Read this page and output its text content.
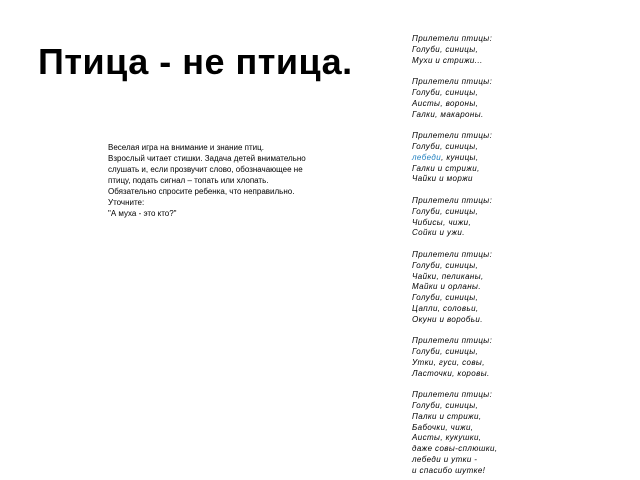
Птица - не птица.
Веселая игра на внимание и знание птиц.
Взрослый читает стишки. Задача детей внимательно
слушать и, если прозвучит слово, обозначающее не
птицу, подать сигнал – топать или хлопать.
Обязательно спросите ребенка, что неправильно.
Уточните:
"А муха - это кто?"
Прилетели птицы:
Голуби, синицы,
Мухи и стрижи...
Прилетели птицы:
Голуби, синицы,
Аисты, вороны,
Галки, макароны.
Прилетели птицы:
Голуби, синицы,
лебеди, куницы,
Галки и стрижи,
Чайки и моржи
Прилетели птицы:
Голуби, синицы,
Чибисы, чижи,
Сойки и ужи.
Прилетели птицы:
Голуби, синицы,
Чайки, пеликаны,
Майки и орланы.
Голуби, синицы,
Цапли, соловьи,
Окуни и воробьи.
Прилетели птицы:
Голуби, синицы,
Утки, гуси, совы,
Ласточки, коровы.
Прилетели птицы:
Голуби, синицы,
Палки и стрижи,
Бабочки, чижи,
Аисты, кукушки,
даже совы-сплюшки,
лебеди и утки -
и спасибо шутке!
